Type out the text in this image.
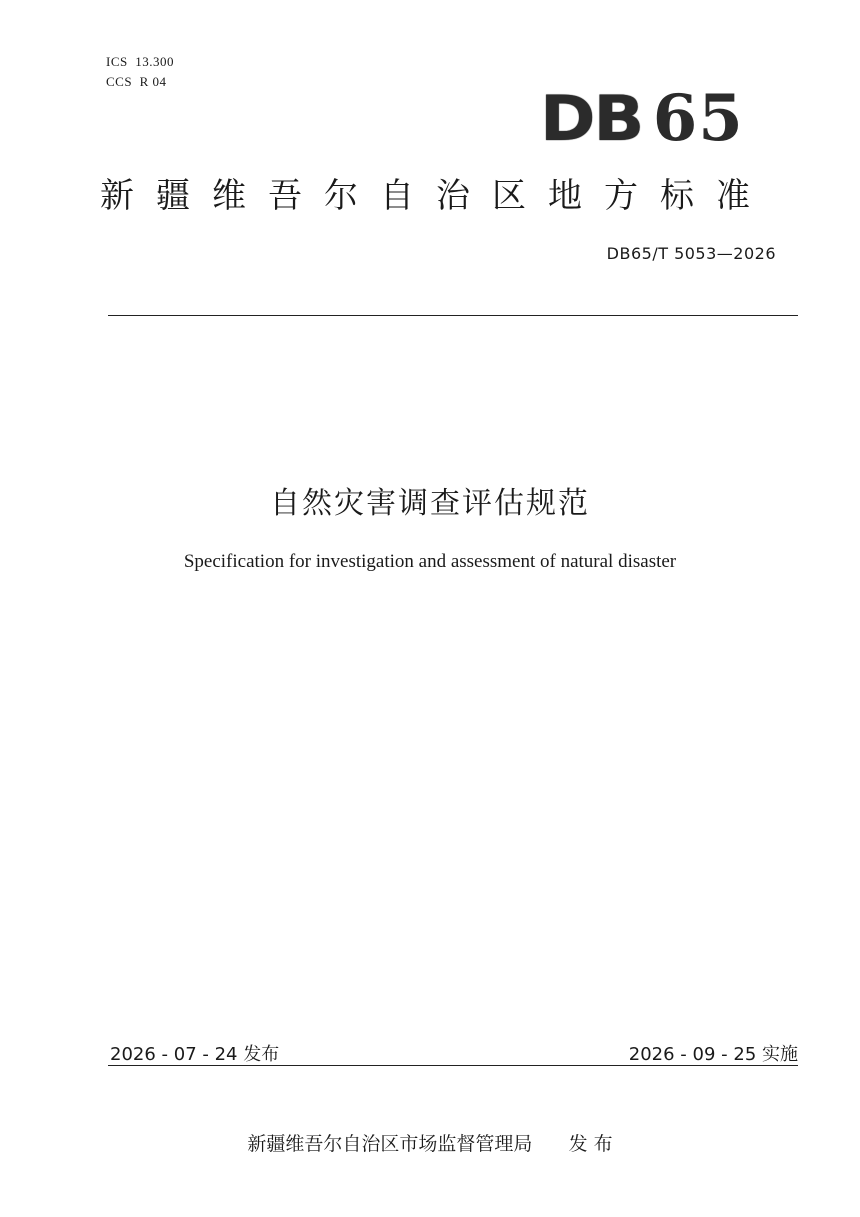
ICS  13.300
CCS  R 04
DB 65
新疆维吾尔自治区地方标准
DB65/T 5053—2026
自然灾害调查评估规范
Specification for investigation and assessment of natural disaster
2026 - 07 - 24 发布	2026 - 09 - 25 实施
新疆维吾尔自治区市场监督管理局      发 布
